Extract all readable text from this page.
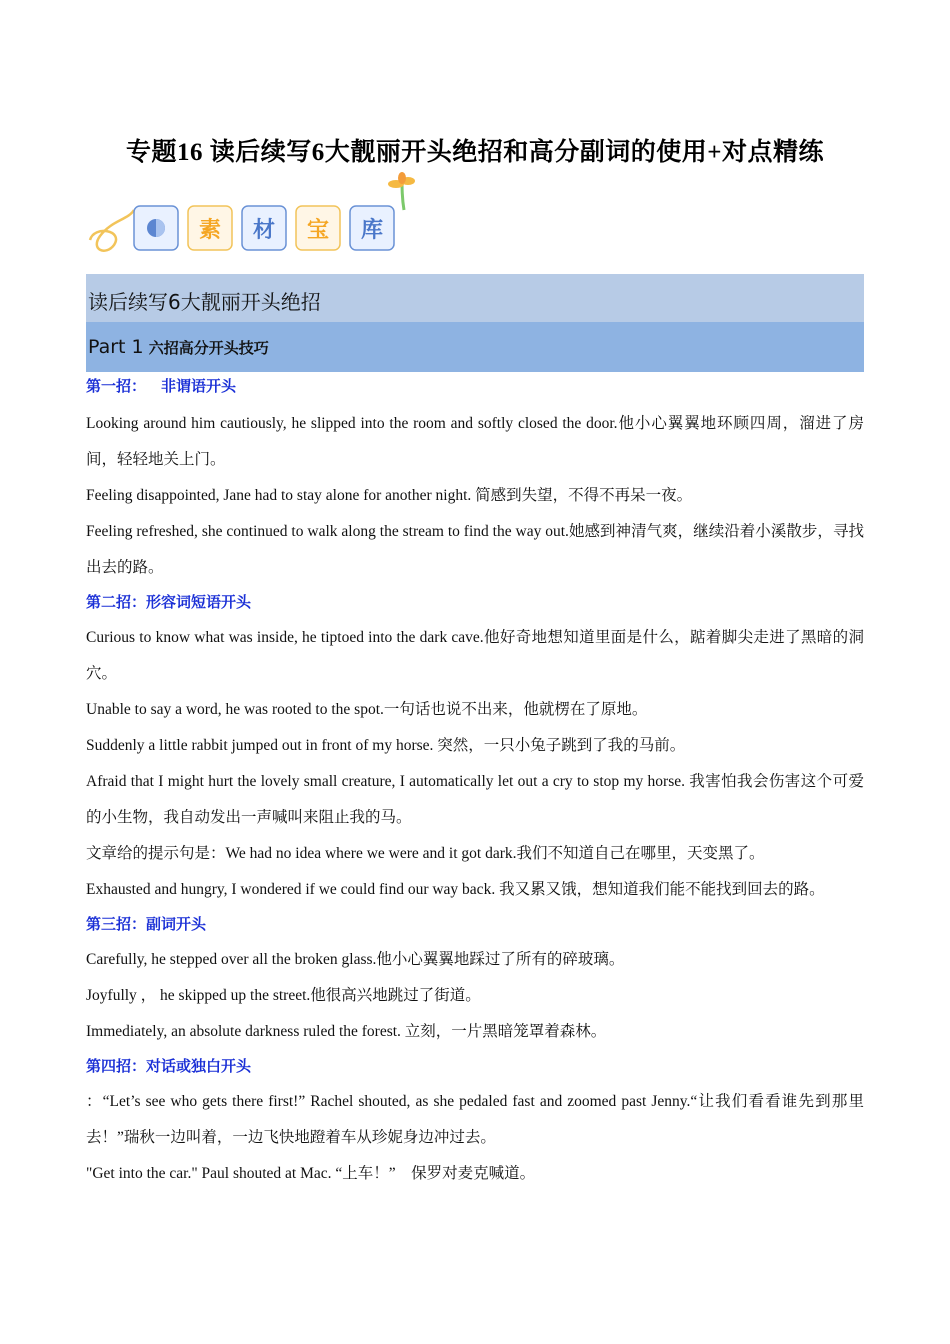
专题16 读后续写6大靓丽开头绝招和高分副词的使用+对点精练
素 材 宝 库
读后续写6大靓丽开头绝招
Part 1 六招高分开头技巧

第一招：    非谓语开头

Looking around him cautiously, he slipped into the room and softly closed the door.他小心翼翼地环顾四周，溜进了房间，轻轻地关上门。

Feeling disappointed, Jane had to stay alone for another night. 简感到失望，不得不再呆一夜。

Feeling refreshed, she continued to walk along the stream to find the way out.她感到神清气爽，继续沿着小溪散步，寻找出去的路。

第二招：形容词短语开头

Curious to know what was inside, he tiptoed into the dark cave.他好奇地想知道里面是什么，踮着脚尖走进了黑暗的洞穴。

Unable to say a word, he was rooted to the spot.一句话也说不出来，他就楞在了原地。

Suddenly a little rabbit jumped out in front of my horse. 突然，一只小兔子跳到了我的马前。

Afraid that I might hurt the lovely small creature, I automatically let out a cry to stop my horse. 我害怕我会伤害这个可爱的小生物，我自动发出一声喊叫来阻止我的马。

文章给的提示句是：We had no idea where we were and it got dark.我们不知道自己在哪里，天变黑了。

Exhausted and hungry, I wondered if we could find our way back. 我又累又饿，想知道我们能不能找到回去的路。

第三招：副词开头

Carefully, he stepped over all the broken glass.他小心翼翼地踩过了所有的碎玻璃。

Joyfully ， he skipped up the street.他很高兴地跳过了街道。

Immediately, an absolute darkness ruled the forest. 立刻，一片黑暗笼罩着森林。

第四招：对话或独白开头

：“Let’s see who gets there first!” Rachel shouted, as she pedaled fast and zoomed past Jenny.“让我们看看谁先到那里去！”瑞秋一边叫着，一边飞快地蹬着车从珍妮身边冲过去。

"Get into the car." Paul shouted at Mac. “上车！”    保罗对麦克喊道。
